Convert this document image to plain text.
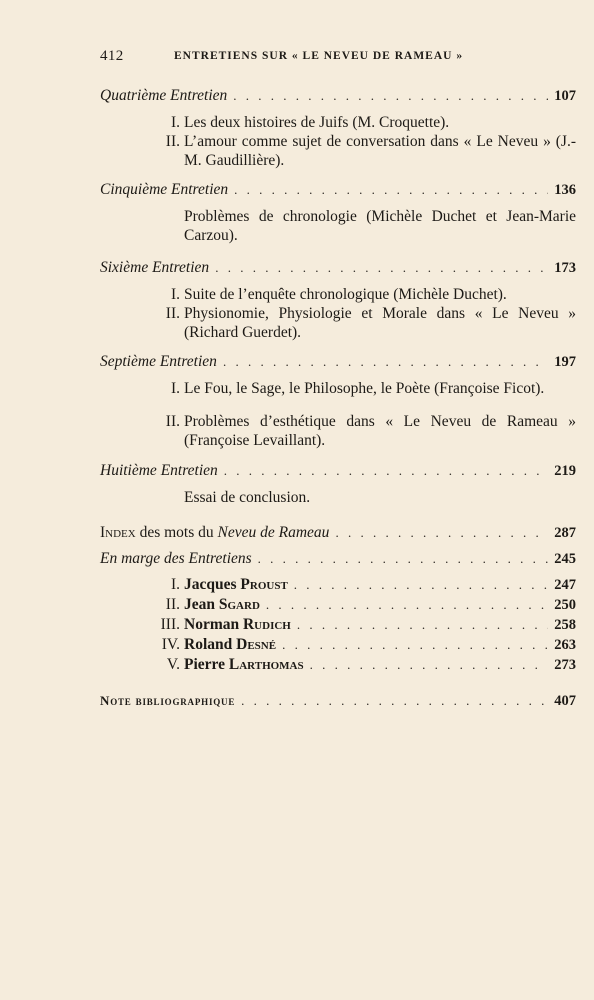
412	ENTRETIENS SUR « LE NEVEU DE RAMEAU »
Quatrième Entretien . . .	107
I. Les deux histoires de Juifs (M. Croquette).
II. L’amour comme sujet de conversation dans « Le Neveu » (J.-M. Gaudillière).
Cinquième Entretien . . .	136
Problèmes de chronologie (Michèle Duchet et Jean-Marie Carzou).
Sixième Entretien . . .	173
I. Suite de l’enquête chronologique (Michèle Duchet).
II. Physionomie, Physiologie et Morale dans « Le Neveu » (Richard Guerdet).
Septième Entretien . . .	197
I. Le Fou, le Sage, le Philosophe, le Poète (Françoise Ficot).
II. Problèmes d’esthétique dans « Le Neveu de Rameau » (Françoise Levaillant).
Huitième Entretien . . .	219
Essai de conclusion.
Index des mots du Neveu de Rameau . . .	287
En marge des Entretiens . . .	245
I. Jacques Proust . . .	247
II. Jean Sgard . . .	250
III. Norman Rudich . . .	258
IV. Roland Desné . . .	263
V. Pierre Larthomas . . .	273
Note bibliographique . . .	407
